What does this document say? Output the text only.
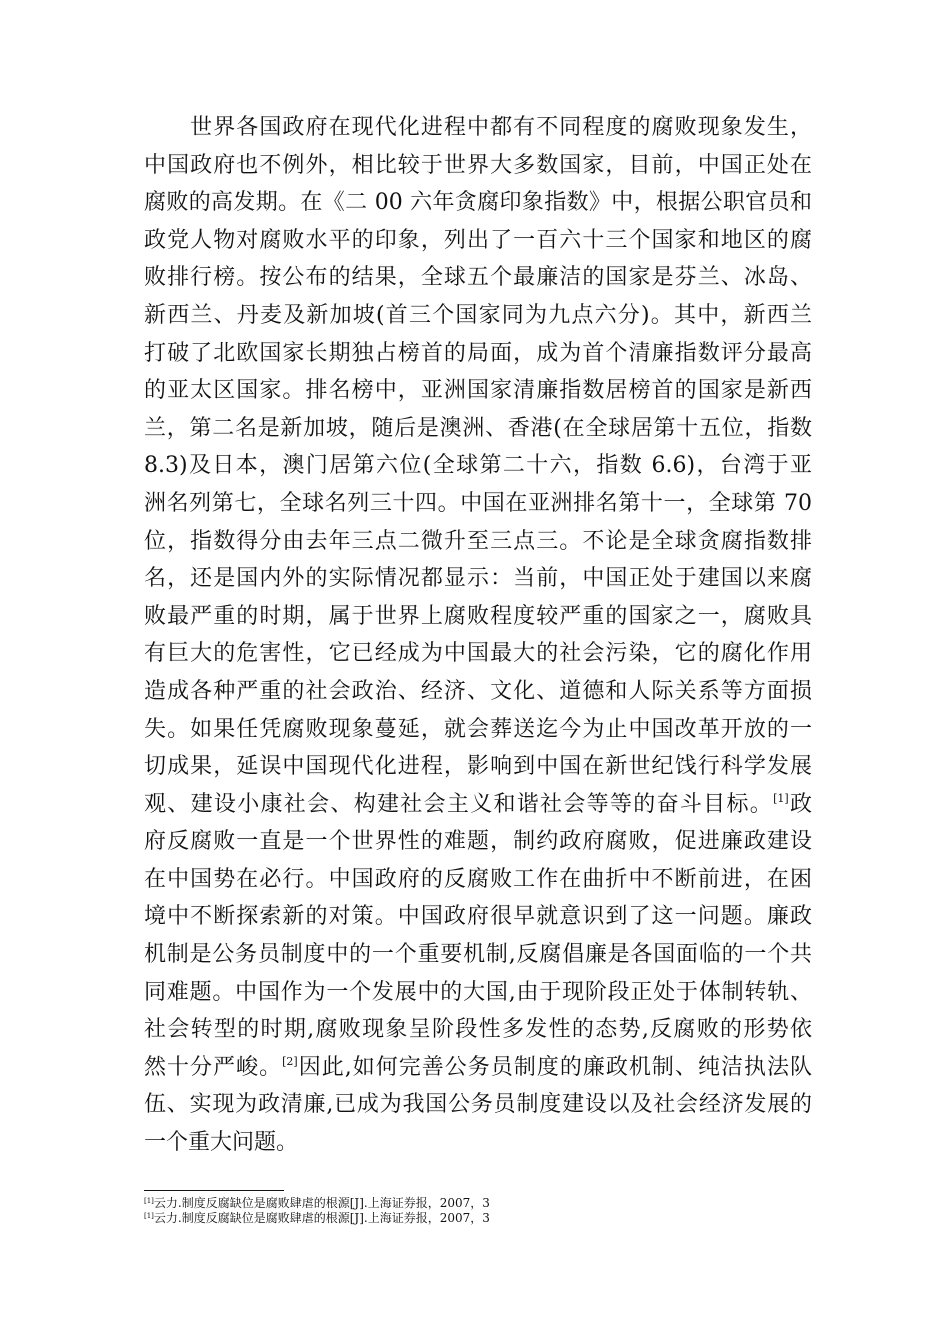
　　世界各国政府在现代化进程中都有不同程度的腐败现象发生，
中国政府也不例外，相比较于世界大多数国家，目前，中国正处在
腐败的高发期。在《二 00 六年贪腐印象指数》中，根据公职官员和
政党人物对腐败水平的印象，列出了一百六十三个国家和地区的腐
败排行榜。按公布的结果，全球五个最廉洁的国家是芬兰、冰岛、
新西兰、丹麦及新加坡(首三个国家同为九点六分)。其中，新西兰
打破了北欧国家长期独占榜首的局面，成为首个清廉指数评分最高
的亚太区国家。排名榜中，亚洲国家清廉指数居榜首的国家是新西
兰，第二名是新加坡，随后是澳洲、香港(在全球居第十五位，指数
8.3)及日本，澳门居第六位(全球第二十六，指数 6.6)，台湾于亚
洲名列第七，全球名列三十四。中国在亚洲排名第十一，全球第 70
位，指数得分由去年三点二微升至三点三。不论是全球贪腐指数排
名，还是国内外的实际情况都显示：当前，中国正处于建国以来腐
败最严重的时期，属于世界上腐败程度较严重的国家之一，腐败具
有巨大的危害性，它已经成为中国最大的社会污染，它的腐化作用
造成各种严重的社会政治、经济、文化、道德和人际关系等方面损
失。如果任凭腐败现象蔓延，就会葬送迄今为止中国改革开放的一
切成果，延误中国现代化进程，影响到中国在新世纪饯行科学发展
观、建设小康社会、构建社会主义和谐社会等等的奋斗目标。[1]政
府反腐败一直是一个世界性的难题，制约政府腐败，促进廉政建设
在中国势在必行。中国政府的反腐败工作在曲折中不断前进，在困
境中不断探索新的对策。中国政府很早就意识到了这一问题。廉政
机制是公务员制度中的一个重要机制,反腐倡廉是各国面临的一个共
同难题。中国作为一个发展中的大国,由于现阶段正处于体制转轨、
社会转型的时期,腐败现象呈阶段性多发性的态势,反腐败的形势依
然十分严峻。[2]因此,如何完善公务员制度的廉政机制、纯洁执法队
伍、实现为政清廉,已成为我国公务员制度建设以及社会经济发展的
一个重大问题。
[1]云力.制度反腐缺位是腐败肆虐的根源[J].上海证券报，2007，3
[1]云力.制度反腐缺位是腐败肆虐的根源[J].上海证券报，2007，3
